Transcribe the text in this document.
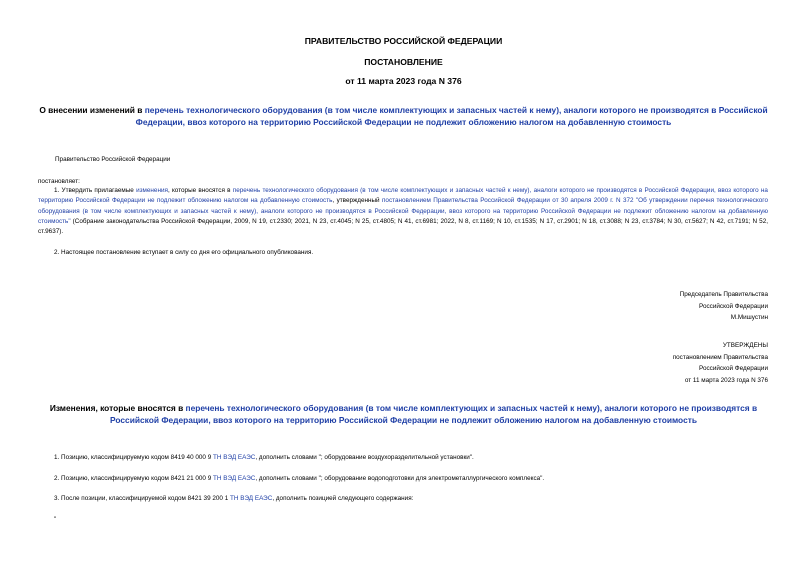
ПРАВИТЕЛЬСТВО РОССИЙСКОЙ ФЕДЕРАЦИИ
ПОСТАНОВЛЕНИЕ
от 11 марта 2023 года N 376
О внесении изменений в перечень технологического оборудования (в том числе комплектующих и запасных частей к нему), аналоги которого не производятся в Российской Федерации, ввоз которого на территорию Российской Федерации не подлежит обложению налогом на добавленную стоимость
Правительство Российской Федерации
постановляет:
1. Утвердить прилагаемые изменения, которые вносятся в перечень технологического оборудования (в том числе комплектующих и запасных частей к нему), аналоги которого не производятся в Российской Федерации, ввоз которого на территорию Российской Федерации не подлежит обложению налогом на добавленную стоимость, утвержденный постановлением Правительства Российской Федерации от 30 апреля 2009 г. N 372 "Об утверждении перечня технологического оборудования (в том числе комплектующих и запасных частей к нему), аналоги которого не производятся в Российской Федерации, ввоз которого на территорию Российской Федерации не подлежит обложению налогом на добавленную стоимость" (Собрание законодательства Российской Федерации, 2009, N 19, ст.2330; 2021, N 23, ст.4045; N 25, ст.4805; N 41, ст.6981; 2022, N 8, ст.1169; N 10, ст.1535; N 17, ст.2901; N 18, ст.3088; N 23, ст.3784; N 30, ст.5627; N 42, ст.7191; N 52, ст.9637).
2. Настоящее постановление вступает в силу со дня его официального опубликования.
Председатель Правительства
Российской Федерации
М.Мишустин
УТВЕРЖДЕНЫ
постановлением Правительства
Российской Федерации
от 11 марта 2023 года N 376
Изменения, которые вносятся в перечень технологического оборудования (в том числе комплектующих и запасных частей к нему), аналоги которого не производятся в Российской Федерации, ввоз которого на территорию Российской Федерации не подлежит обложению налогом на добавленную стоимость
1. Позицию, классифицируемую кодом 8419 40 000 9 ТН ВЭД ЕАЭС, дополнить словами "; оборудование воздухоразделительной установки".
2. Позицию, классифицируемую кодом 8421 21 000 9 ТН ВЭД ЕАЭС, дополнить словами "; оборудование водоподготовки для электрометаллургического комплекса".
3. После позиции, классифицируемой кодом 8421 39 200 1 ТН ВЭД ЕАЭС, дополнить позицией следующего содержания:
"
